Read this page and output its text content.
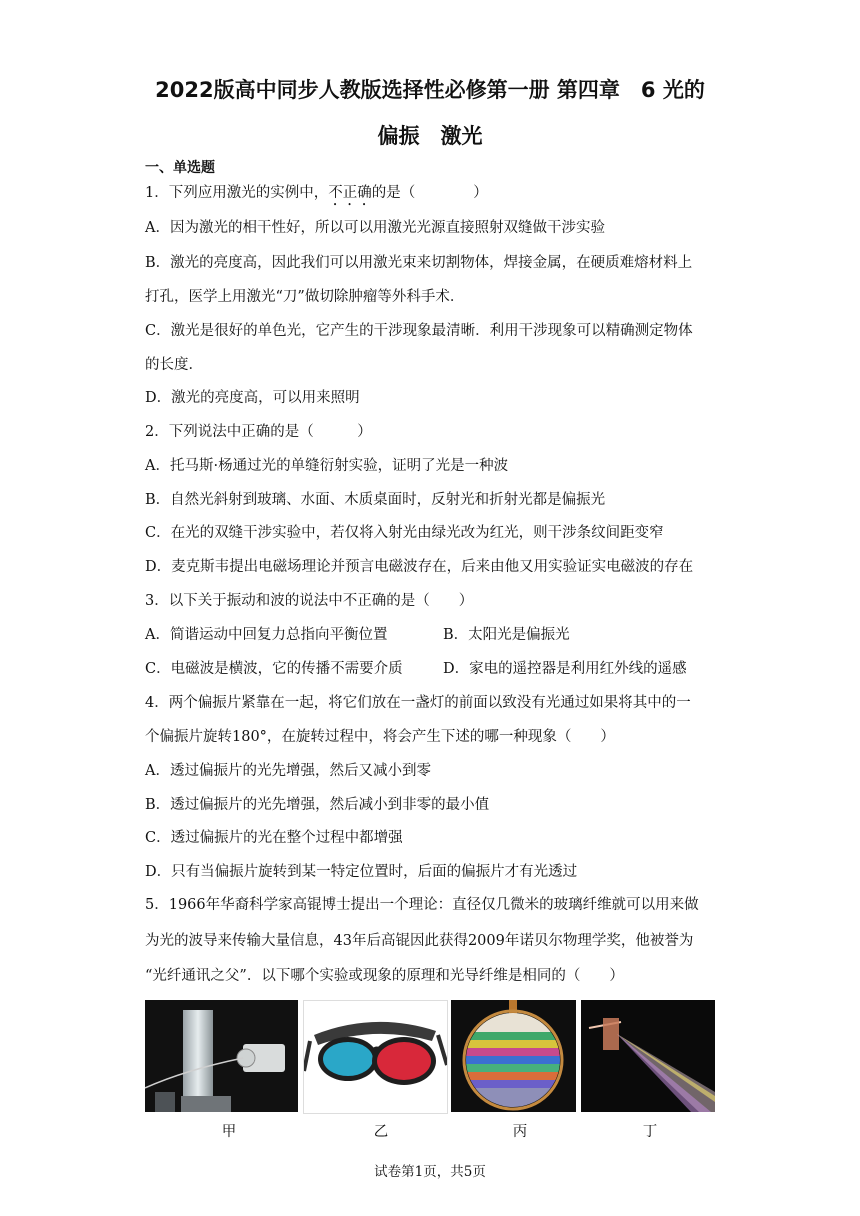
2022版高中同步人教版选择性必修第一册 第四章　6 光的
偏振　激光
一、单选题
1．下列应用激光的实例中，不正确的是（　　　　）
A．因为激光的相干性好，所以可以用激光光源直接照射双缝做干涉实验
B．激光的亮度高，因此我们可以用激光束来切割物体，焊接金属，在硬质难熔材料上
打孔，医学上用激光“刀”做切除肿瘤等外科手术．
C．激光是很好的单色光，它产生的干涉现象最清晰．利用干涉现象可以精确测定物体
的长度．
D．激光的亮度高，可以用来照明
2．下列说法中正确的是（　　　）
A．托马斯·杨通过光的单缝衍射实验，证明了光是一种波
B．自然光斜射到玻璃、水面、木质桌面时，反射光和折射光都是偏振光
C．在光的双缝干涉实验中，若仅将入射光由绿光改为红光，则干涉条纹间距变窄
D．麦克斯韦提出电磁场理论并预言电磁波存在，后来由他又用实验证实电磁波的存在
3．以下关于振动和波的说法中不正确的是（　　）
A．简谐运动中回复力总指向平衡位置	B．太阳光是偏振光
C．电磁波是横波，它的传播不需要介质	D．家电的遥控器是利用红外线的遥感
4．两个偏振片紧靠在一起，将它们放在一盏灯的前面以致没有光通过如果将其中的一
个偏振片旋转180°，在旋转过程中，将会产生下述的哪一种现象（　　）
A．透过偏振片的光先增强，然后又减小到零
B．透过偏振片的光先增强，然后减小到非零的最小值
C．透过偏振片的光在整个过程中都增强
D．只有当偏振片旋转到某一特定位置时，后面的偏振片才有光透过
5．1966年华裔科学家高锟博士提出一个理论：直径仅几微米的玻璃纤维就可以用来做
为光的波导来传输大量信息，43年后高锟因此获得2009年诺贝尔物理学奖，他被誉为
“光纤通讯之父”．以下哪个实验或现象的原理和光导纤维是相同的（　　）
甲	乙	丙	丁
试卷第1页，共5页
